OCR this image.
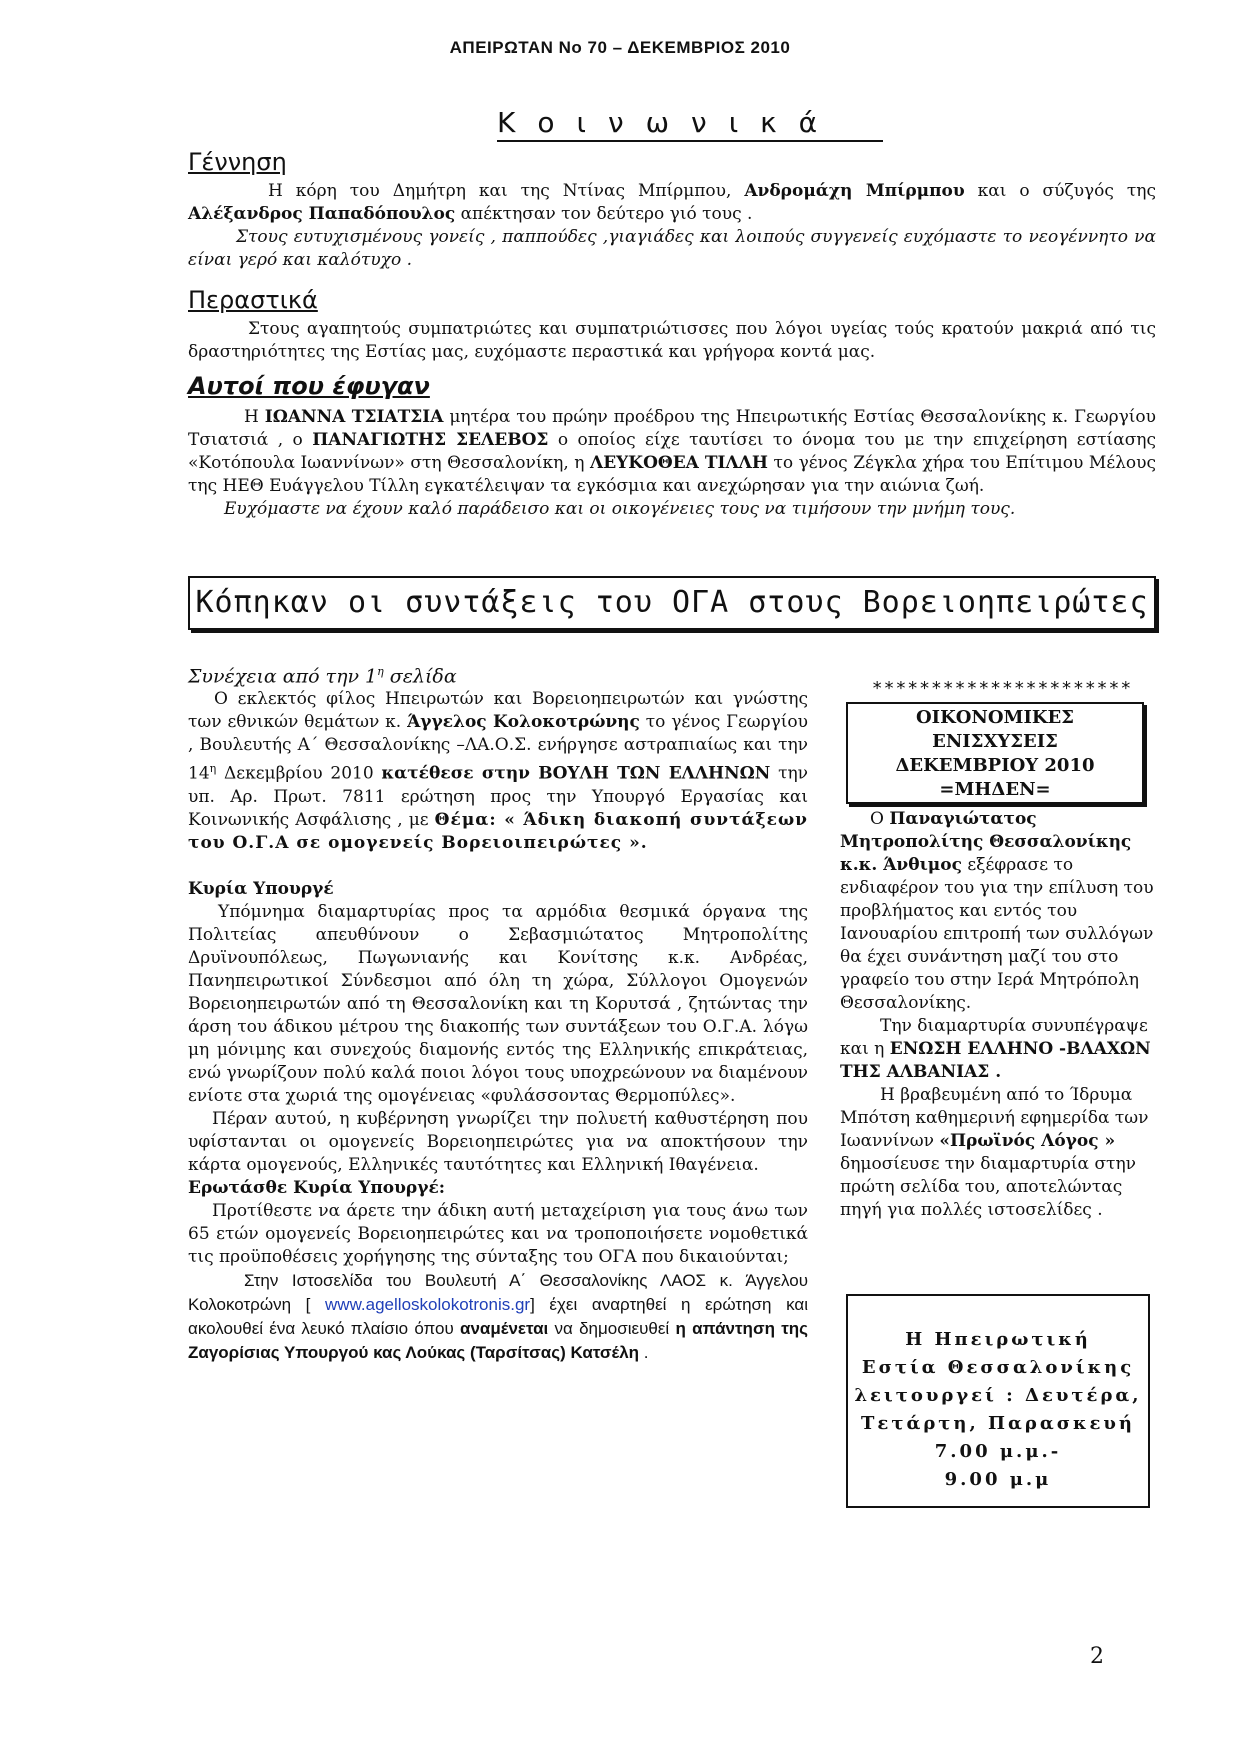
ΑΠΕΙΡΩΤΑΝ Νο 70 – ΔΕΚΕΜΒΡΙΟΣ 2010
Κοινωνικά
Γέννηση

Η κόρη του Δημήτρη και της Ντίνας Μπίρμπου, Ανδρομάχη Μπίρμπου και ο σύζυγός της Αλέξανδρος Παπαδόπουλος απέκτησαν τον δεύτερο γιό τους .

Στους ευτυχισμένους γονείς , παππούδες ,γιαγιάδες και λοιπούς συγγενείς ευχόμαστε το νεογέννητο να είναι γερό και καλότυχο .

Περαστικά

Στους αγαπητούς συμπατριώτες και συμπατριώτισσες που λόγοι υγείας τούς κρατούν μακριά από τις δραστηριότητες της Εστίας μας, ευχόμαστε περαστικά και γρήγορα κοντά μας.

Αυτοί που έφυγαν

Η ΙΩΑΝΝΑ ΤΣΙΑΤΣΙΑ μητέρα του πρώην προέδρου της Ηπειρωτικής Εστίας Θεσσαλονίκης κ. Γεωργίου Τσιατσιά , ο ΠΑΝΑΓΙΩΤΗΣ ΣΕΛΕΒΟΣ ο οποίος είχε ταυτίσει το όνομα του με την επιχείρηση εστίασης «Κοτόπουλα Ιωαννίνων» στη Θεσσαλονίκη, η ΛΕΥΚΟΘΕΑ ΤΙΛΛΗ το γένος Ζέγκλα χήρα του Επίτιμου Μέλους της ΗΕΘ Ευάγγελου Τίλλη εγκατέλειψαν τα εγκόσμια και ανεχώρησαν για την αιώνια ζωή.

Ευχόμαστε να έχουν καλό παράδεισο και οι οικογένειες τους να τιμήσουν την μνήμη τους.

Κόπηκαν οι συντάξεις του ΟΓΑ στους Βορειοηπειρώτες

Συνέχεια από την $1^\eta$ σελίδα

Ο εκλεκτός φίλος Ηπειρωτών και Βορειοηπειρωτών και γνώστης των εθνικών θεμάτων κ. Άγγελος Κολοκοτρώνης το γένος Γεωργίου , Βουλευτής Α΄ Θεσσαλονίκης –ΛΑ.Ο.Σ. ενήργησε αστραπιαίως και την $14^\eta$ Δεκεμβρίου 2010 κατέθεσε στην ΒΟΥΛΗ ΤΩΝ ΕΛΛΗΝΩΝ την υπ. Αρ. Πρωτ. 7811 ερώτηση προς την Υπουργό Εργασίας και Κοινωνικής Ασφάλισης , με Θέμα: « Άδικη διακοπή συντάξεων του Ο.Γ.Α σε ομογενείς Βορειοιπειρώτες ».

Κυρία Υπουργέ

Υπόμνημα διαμαρτυρίας προς τα αρμόδια θεσμικά όργανα της Πολιτείας απευθύνουν ο Σεβασμιώτατος Μητροπολίτης Δρυϊνουπόλεως, Πωγωνιανής και Κονίτσης κ.κ. Ανδρέας, Πανηπειρωτικοί Σύνδεσμοι από όλη τη χώρα, Σύλλογοι Ομογενών Βορειοηπειρωτών από τη Θεσσαλονίκη και τη Κορυτσά , ζητώντας την άρση του άδικου μέτρου της διακοπής των συντάξεων του Ο.Γ.Α. λόγω μη μόνιμης και συνεχούς διαμονής εντός της Ελληνικής επικράτειας, ενώ γνωρίζουν πολύ καλά ποιοι λόγοι τους υποχρεώνουν να διαμένουν ενίοτε στα χωριά της ομογένειας «φυλάσσοντας Θερμοπύλες».

Πέραν αυτού, η κυβέρνηση γνωρίζει την πολυετή καθυστέρηση που υφίστανται οι ομογενείς Βορειοηπειρώτες για να αποκτήσουν την κάρτα ομογενούς, Ελληνικές ταυτότητες και Ελληνική Ιθαγένεια.

Ερωτάσθε Κυρία Υπουργέ:

Προτίθεστε να άρετε την άδικη αυτή μεταχείριση για τους άνω των 65 ετών ομογενείς Βορειοηπειρώτες και να τροποποιήσετε νομοθετικά τις προϋποθέσεις χορήγησης της σύνταξης του ΟΓΑ που δικαιούνται;

Στην Ιστοσελίδα του Βουλευτή Α΄ Θεσσαλονίκης ΛΑΟΣ κ. Άγγελου Κολοκοτρώνη [ www.agelloskolokotronis.gr] έχει αναρτηθεί η ερώτηση και ακολουθεί ένα λευκό πλαίσιο όπου αναμένεται να δημοσιευθεί η απάντηση της Ζαγορίσιας Υπουργού κας Λούκας (Ταρσίτσας) Κατσέλη .

**********************
ΟΙΚΟΝΟΜΙΚΕΣ
ΕΝΙΣΧΥΣΕΙΣ
ΔΕΚΕΜΒΡΙΟΥ 2010
=ΜΗΔΕΝ=

Ο Παναγιώτατος Μητροπολίτης Θεσσαλονίκης κ.κ. Άνθιμος εξέφρασε το ενδιαφέρον του για την επίλυση του προβλήματος και εντός του Ιανουαρίου επιτροπή των συλλόγων θα έχει συνάντηση μαζί του στο γραφείο του στην Ιερά Μητρόπολη Θεσσαλονίκης.

Την διαμαρτυρία συνυπέγραψε και η ΕΝΩΣΗ ΕΛΛΗΝΟ -ΒΛΑΧΩΝ ΤΗΣ ΑΛΒΑΝΙΑΣ .

Η βραβευμένη από το Ίδρυμα Μπότση καθημερινή εφημερίδα των Ιωαννίνων «Πρωϊνός Λόγος » δημοσίευσε την διαμαρτυρία στην πρώτη σελίδα του, αποτελώντας πηγή για πολλές ιστοσελίδες .

Η Ηπειρωτική
Εστία Θεσσαλονίκης
λειτουργεί : Δευτέρα,
Τετάρτη, Παρασκευή
7.00 μ.μ.-
9.00 μ.μ
2
